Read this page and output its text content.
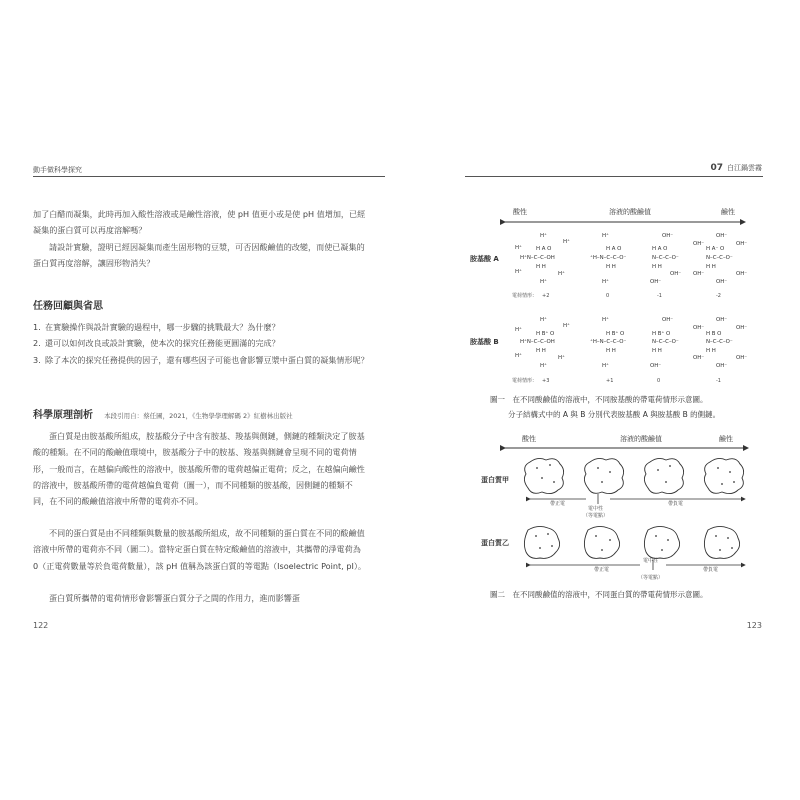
動手做科學探究

加了白醋而凝集，此時再加入酸性溶液或是鹼性溶液，使 pH 值更小或是使 pH 值增加，已經凝集的蛋白質可以再度溶解嗎？

請設計實驗，證明已經因凝集而產生固形物的豆漿，可否因酸鹼值的改變，而使已凝集的蛋白質再度溶解，讓固形物消失？

任務回顧與省思
1. 在實驗操作與設計實驗的過程中，哪一步驟的挑戰最大？為什麼？
2. 還可以如何改良或設計實驗，使本次的探究任務能更圓滿的完成？
3. 除了本次的探究任務提供的因子，還有哪些因子可能也會影響豆漿中蛋白質的凝集情形呢？
科學原理剖析 本段引用自：蔡任圃，2021，《生物學學理解碼 2》紅樹林出版社

蛋白質是由胺基酸所組成，胺基酸分子中含有胺基、羧基與側鏈，側鏈的種類決定了胺基酸的種類。在不同的酸鹼值環境中，胺基酸分子中的胺基、羧基與側鏈會呈現不同的電荷情形，一般而言，在越偏向酸性的溶液中，胺基酸所帶的電荷越偏正電荷；反之，在越偏向鹼性的溶液中，胺基酸所帶的電荷越偏負電荷（圖一），而不同種類的胺基酸，因側鏈的種類不同，在不同的酸鹼值溶液中所帶的電荷亦不同。

不同的蛋白質是由不同種類與數量的胺基酸所組成，故不同種類的蛋白質在不同的酸鹼值溶液中所帶的電荷亦不同（圖二）。當特定蛋白質在特定酸鹼值的溶液中，其攜帶的淨電荷為 0（正電荷數量等於負電荷數量），該 pH 值稱為該蛋白質的等電點（Isoelectric Point, pI）。

蛋白質所攜帶的電荷情形會影響蛋白質分子之間的作用力，進而影響蛋

122
07 白江鍋雲霧
酸性	溶液的酸鹼值	鹼性
胺基酸 A
H⁺
H⁺
H⁺	H A O
H⁺N–C–C–OH
H H
H⁺	H⁺
H⁺
H⁺
H A O
⁺H–N–C–C–O⁻
H H
H⁺
OH⁻
H A O
N–C–C–O⁻
H H
OH⁻
OH⁻
OH⁻
OH⁻	OH⁻
H A⁻ O
N–C–C–O⁻
H H
OH⁻	OH⁻
OH⁻
電荷情形： +2	0	-1	-2
胺基酸 B
H⁺
H⁺
H⁺
H B⁺ O
H⁺N–C–C–OH
H H
H⁺	H⁺
H⁺
H⁺
H B⁺ O
⁺H–N–C–C–O⁻
H H
H⁺
OH⁻
H B⁺ O
N–C–C–O⁻
H H
OH⁻
OH⁻
OH⁻	OH⁻
H B O
N–C–C–O⁻
H H
OH⁻	OH⁻
OH⁻
電荷情形： +3	+1	0	-1
圖一　在不同酸鹼值的溶液中，不同胺基酸的帶電荷情形示意圖。
分子結構式中的 A 與 B 分別代表胺基酸 A 與胺基酸 B 的側鏈。
酸性	溶液的酸鹼值	鹼性
蛋白質甲
帶正電
電中性
（等電點）
帶負電
蛋白質乙
帶正電
電中性
（等電點）
帶負電
圖二　在不同酸鹼值的溶液中，不同蛋白質的帶電荷情形示意圖。
123
